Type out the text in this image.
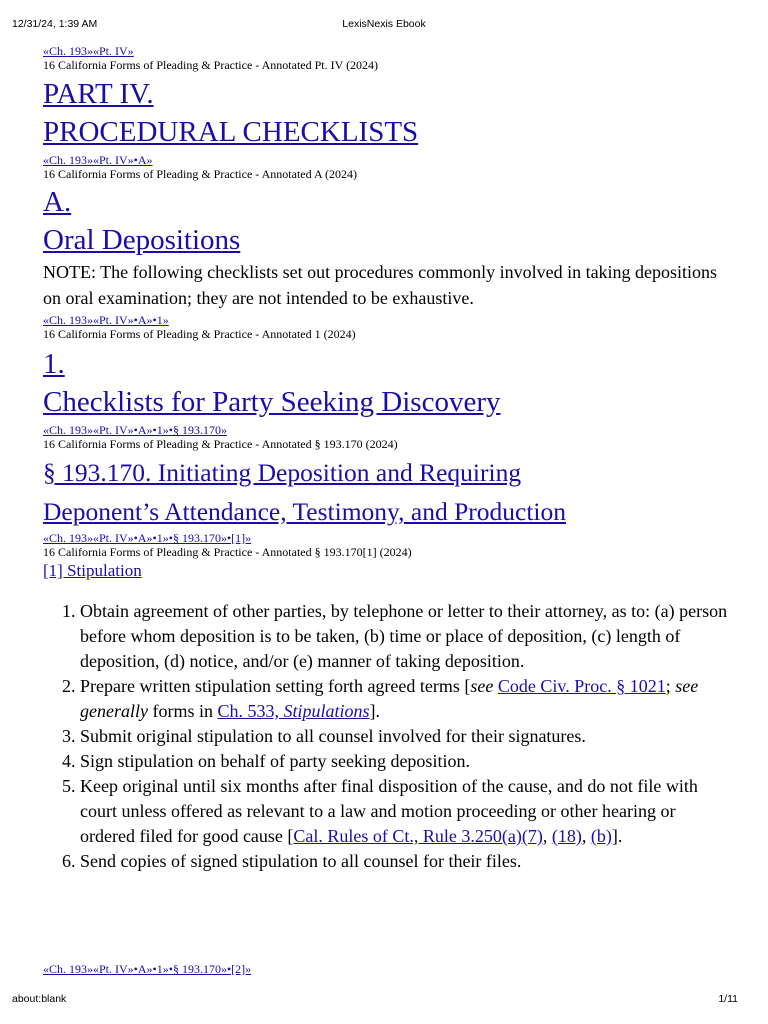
12/31/24, 1:39 AM	LexisNexis Ebook
«Ch. 193»«Pt. IV»
16 California Forms of Pleading & Practice - Annotated Pt. IV (2024)
PART IV.
PROCEDURAL CHECKLISTS
«Ch. 193»«Pt. IV»•A»
16 California Forms of Pleading & Practice - Annotated A (2024)
A.
Oral Depositions
NOTE: The following checklists set out procedures commonly involved in taking depositions on oral examination; they are not intended to be exhaustive.
«Ch. 193»«Pt. IV»•A»•1»
16 California Forms of Pleading & Practice - Annotated 1 (2024)
1.
Checklists for Party Seeking Discovery
«Ch. 193»«Pt. IV»•A»•1»•§ 193.170»
16 California Forms of Pleading & Practice - Annotated § 193.170 (2024)
§ 193.170. Initiating Deposition and Requiring
Deponent’s Attendance, Testimony, and Production
«Ch. 193»«Pt. IV»•A»•1»•§ 193.170»•[1]»
16 California Forms of Pleading & Practice - Annotated § 193.170[1] (2024)
[1] Stipulation
1. Obtain agreement of other parties, by telephone or letter to their attorney, as to: (a) person before whom deposition is to be taken, (b) time or place of deposition, (c) length of deposition, (d) notice, and/or (e) manner of taking deposition.
2. Prepare written stipulation setting forth agreed terms [see Code Civ. Proc. § 1021; see generally forms in Ch. 533, Stipulations].
3. Submit original stipulation to all counsel involved for their signatures.
4. Sign stipulation on behalf of party seeking deposition.
5. Keep original until six months after final disposition of the cause, and do not file with court unless offered as relevant to a law and motion proceeding or other hearing or ordered filed for good cause [Cal. Rules of Ct., Rule 3.250(a)(7), (18), (b)].
6. Send copies of signed stipulation to all counsel for their files.
«Ch. 193»«Pt. IV»•A»•1»•§ 193.170»•[2]»
about:blank	1/11
